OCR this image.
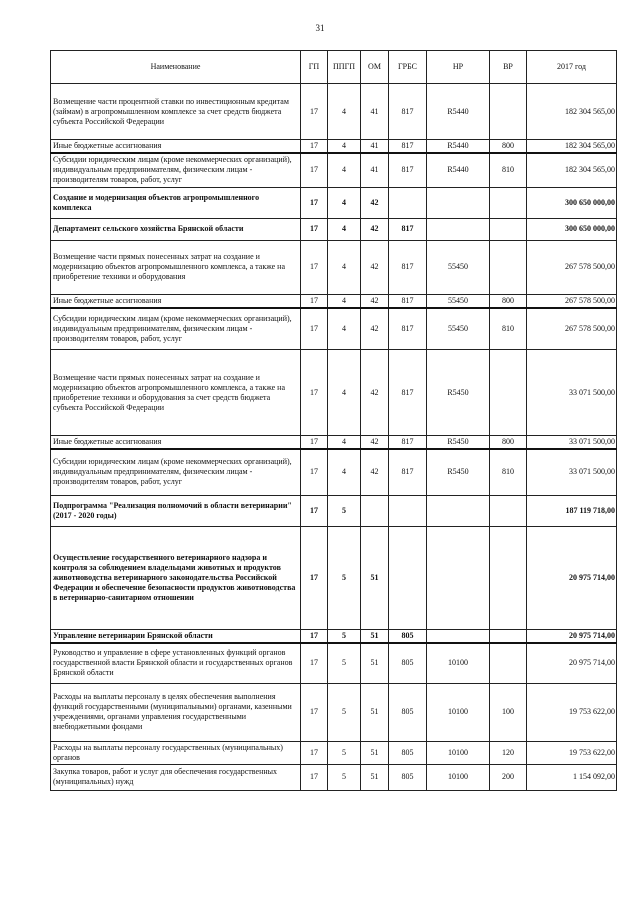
31
Наименование	ГП	ППГП	ОМ	ГРБС	НР	ВР	2017 год
Возмещение части процентной ставки по инвестиционным кредитам (займам) в агропромышленном комплексе за счет средств бюджета субъекта Российской Федерации	17	4	41	817	R5440		182 304 565,00
Иные бюджетные ассигнования	17	4	41	817	R5440	800	182 304 565,00
Субсидии юридическим лицам (кроме некоммерческих организаций), индивидуальным предпринимателям, физическим лицам - производителям товаров, работ, услуг	17	4	41	817	R5440	810	182 304 565,00
Создание и модернизация объектов агропромышленного комплекса	17	4	42				300 650 000,00
Департамент сельского хозяйства Брянской области	17	4	42	817			300 650 000,00
Возмещение части прямых понесенных затрат на создание и модернизацию объектов агропромышленного комплекса, а также на приобретение техники и оборудования	17	4	42	817	55450		267 578 500,00
Иные бюджетные ассигнования	17	4	42	817	55450	800	267 578 500,00
Субсидии юридическим лицам (кроме некоммерческих организаций), индивидуальным предпринимателям, физическим лицам - производителям товаров, работ, услуг	17	4	42	817	55450	810	267 578 500,00
Возмещение части прямых понесенных затрат на создание и модернизацию объектов агропромышленного комплекса, а также на приобретение техники и оборудования за счет средств бюджета субъекта Российской Федерации	17	4	42	817	R5450		33 071 500,00
Иные бюджетные ассигнования	17	4	42	817	R5450	800	33 071 500,00
Субсидии юридическим лицам (кроме некоммерческих организаций), индивидуальным предпринимателям, физическим лицам - производителям товаров, работ, услуг	17	4	42	817	R5450	810	33 071 500,00
Подпрограмма "Реализация полномочий в области ветеринарии" (2017 - 2020 годы)	17	5					187 119 718,00
Осуществление государственного ветеринарного надзора и контроля за соблюдением владельцами животных и продуктов животноводства ветеринарного законодательства Российской Федерации и обеспечение безопасности продуктов животноводства в ветеринарно-санитарном отношении	17	5	51				20 975 714,00
Управление ветеринарии Брянской области	17	5	51	805			20 975 714,00
Руководство и управление в сфере установленных функций органов государственной власти Брянской области и государственных органов Брянской области	17	5	51	805	10100		20 975 714,00
Расходы на выплаты персоналу в целях обеспечения выполнения функций государственными (муниципальными) органами, казенными учреждениями, органами управления государственными внебюджетными фондами	17	5	51	805	10100	100	19 753 622,00
Расходы на выплаты персоналу государственных (муниципальных) органов	17	5	51	805	10100	120	19 753 622,00
Закупка товаров, работ и услуг для обеспечения государственных (муниципальных) нужд	17	5	51	805	10100	200	1 154 092,00
